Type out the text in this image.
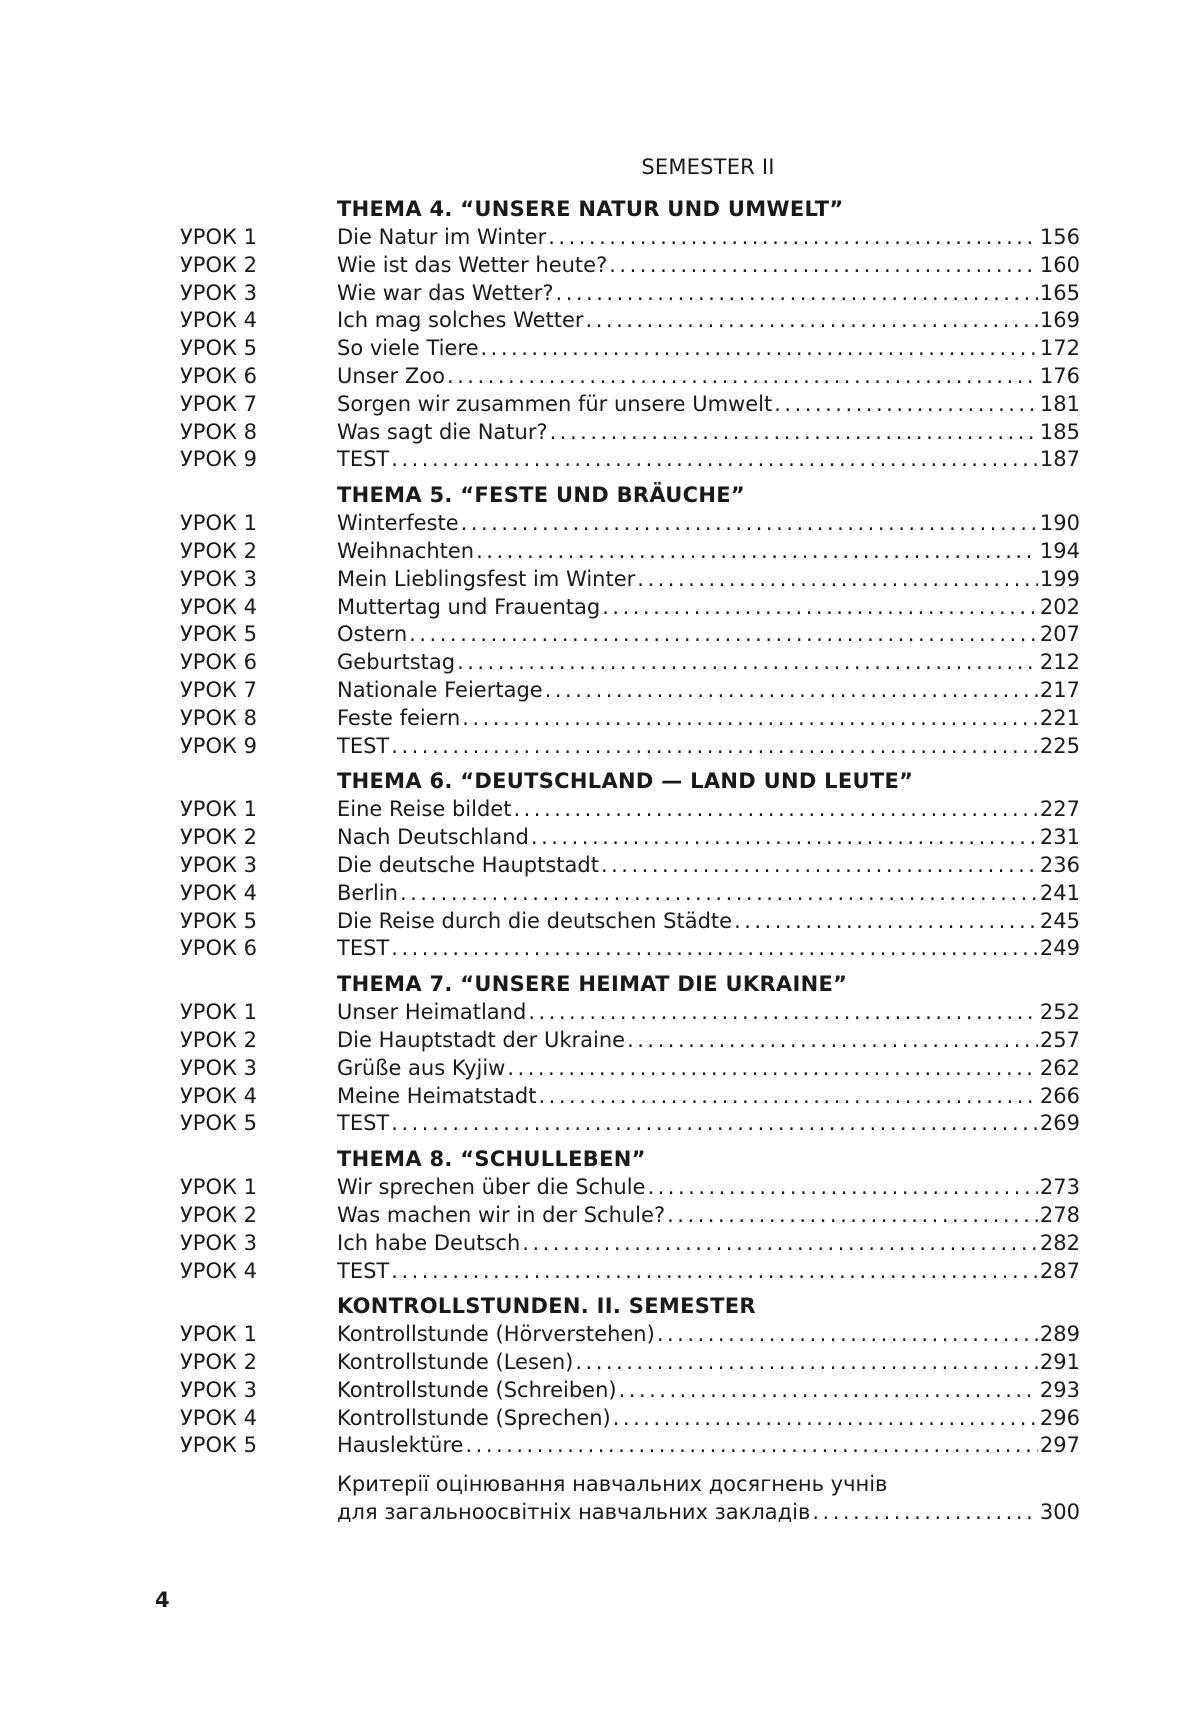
SEMESTER II
THEMA 4. “UNSERE NATUR UND UMWELT”
УРОК 1	Die Natur im Winter .....	156
УРОК 2	Wie ist das Wetter heute? .....	160
УРОК 3	Wie war das Wetter? .....	165
УРОК 4	Ich mag solches Wetter .....	169
УРОК 5	So viele Tiere .....	172
УРОК 6	Unser Zoo .....	176
УРОК 7	Sorgen wir zusammen für unsere Umwelt .....	181
УРОК 8	Was sagt die Natur? .....	185
УРОК 9	TEST .....	187
THEMA 5. “FESTE UND BRÄUCHE”
УРОК 1	Winterfeste .....	190
УРОК 2	Weihnachten .....	194
УРОК 3	Mein Lieblingsfest im Winter .....	199
УРОК 4	Muttertag und Frauentag .....	202
УРОК 5	Ostern .....	207
УРОК 6	Geburtstag .....	212
УРОК 7	Nationale Feiertage .....	217
УРОК 8	Feste feiern .....	221
УРОК 9	TEST .....	225
THEMA 6. “DEUTSCHLAND — LAND UND LEUTE”
УРОК 1	Eine Reise bildet .....	227
УРОК 2	Nach Deutschland .....	231
УРОК 3	Die deutsche Hauptstadt .....	236
УРОК 4	Berlin .....	241
УРОК 5	Die Reise durch die deutschen Städte .....	245
УРОК 6	TEST .....	249
THEMA 7. “UNSERE HEIMAT DIE UKRAINE”
УРОК 1	Unser Heimatland .....	252
УРОК 2	Die Hauptstadt der Ukraine .....	257
УРОК 3	Grüße aus Kyjiw .....	262
УРОК 4	Meine Heimatstadt .....	266
УРОК 5	TEST .....	269
THEMA 8. “SCHULLEBEN”
УРОК 1	Wir sprechen über die Schule .....	273
УРОК 2	Was machen wir in der Schule? .....	278
УРОК 3	Ich habe Deutsch .....	282
УРОК 4	TEST .....	287
KONTROLLSTUNDEN. II. SEMESTER
УРОК 1	Kontrollstunde (Hörverstehen) .....	289
УРОК 2	Kontrollstunde (Lesen) .....	291
УРОК 3	Kontrollstunde (Schreiben) .....	293
УРОК 4	Kontrollstunde (Sprechen) .....	296
УРОК 5	Hauslektüre .....	297
Критерії оцінювання навчальних досягнень учнів
для загальноосвітніх навчальних закладів .....	300
4
